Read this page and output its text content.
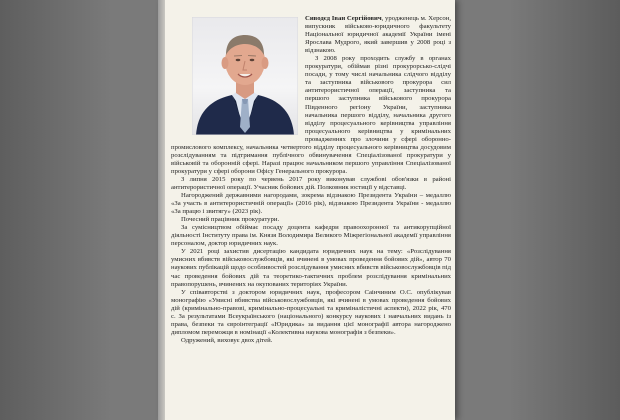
Сиводєд Іван Сергійович, уродженець м. Херсон, випускник військово-юридичного факультету Національної юридичної академії України імені Ярослава Мудрого, який завершив у 2008 році з відзнакою.

З 2008 року проходить службу в органах прокуратури, обіймав різні прокурорсько-слідчі посади, у тому числі начальника слідчого відділу та заступника військового прокурора сил антитерористичної операції, заступника та першого заступника військового прокурора Південного регіону України, заступника начальника першого відділу, начальника другого відділу процесуального керівництва управління процесуального керівництва у кримінальних провадженнях про злочини у сфері оборонно-промислового комплексу, начальника четвертого відділу процесуального керівництва досудовим розслідуванням та підтримання публічного обвинувачення Спеціалізованої прокуратури у військовій та оборонній сфері. Наразі працює начальником першого управління Спеціалізованої прокуратури у сфері оборони Офісу Генерального прокурора.

З липня 2015 року по червень 2017 року виконував службові обов'язки в районі антитерористичної операції. Учасник бойових дій. Полковник юстиції у відставці.

Нагороджений державними нагородами, зокрема відзнакою Президента України – медаллю «За участь в антитерористичній операції» (2016 рік), відзнакою Президента України - медаллю «За працю і звитягу» (2023 рік).

Почесний працівник прокуратури.

За сумісництвом обіймає посаду доцента кафедри правоохоронної та антикорупційної діяльності Інституту права ім. Князя Володимира Великого Міжрегіональної академії управління персоналом, доктор юридичних наук.

У 2021 році захистив дисертацію кандидата юридичних наук на тему: «Розслідування умисних вбивств військовослужбовців, які вчинені в умовах проведення бойових дій», автор 70 наукових публікацій щодо особливостей розслідування умисних вбивств військовослужбовців під час проведення бойових дій та теоретико-тактичних проблем розслідування кримінальних правопорушень, вчинених на окупованих територіях України.

У співавторстві з доктором юридичних наук, професором Саінчиним О.С. опублікував монографію «Умисні вбивства військовослужбовців, які вчинені в умовах проведення бойових дій (кримінально-правові, кримінально-процесуальні та криміналістичні аспекти), 2022 рік, 470 с. За результатами Всеукраїнського (національного) конкурсу наукових і навчальних видань із права, безпеки та євроінтеграції «Юридика» за видання цієї монографії автора нагороджено дипломом переможця в номінації «Колективна наукова монографія з безпеки».

Одружений, виховує двох дітей.
